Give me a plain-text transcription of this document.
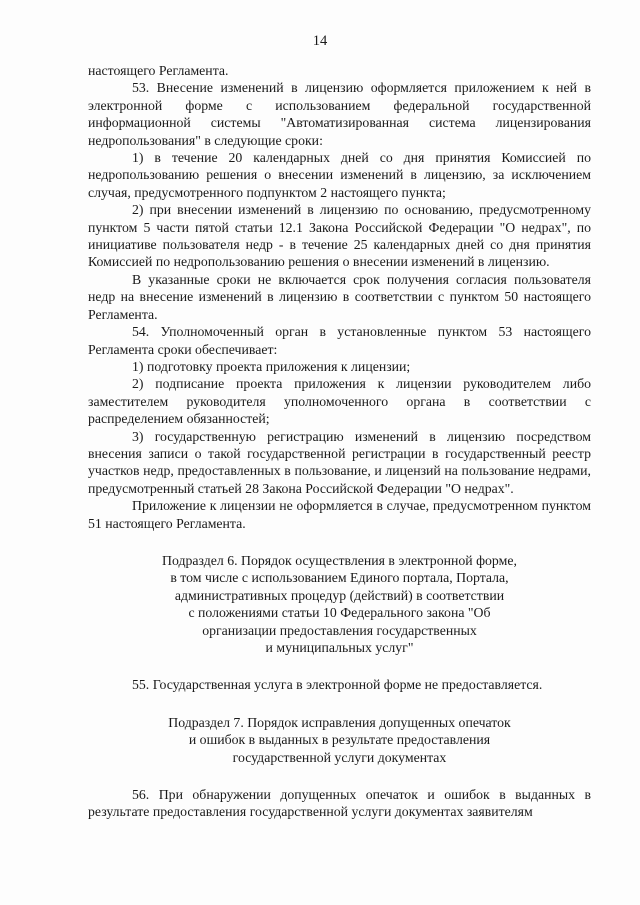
14

настоящего Регламента.

53. Внесение изменений в лицензию оформляется приложением к ней в электронной форме с использованием федеральной государственной информационной системы "Автоматизированная система лицензирования недропользования" в следующие сроки:

1) в течение 20 календарных дней со дня принятия Комиссией по недропользованию решения о внесении изменений в лицензию, за исключением случая, предусмотренного подпунктом 2 настоящего пункта;

2) при внесении изменений в лицензию по основанию, предусмотренному пунктом 5 части пятой статьи 12.1 Закона Российской Федерации "О недрах", по инициативе пользователя недр - в течение 25 календарных дней со дня принятия Комиссией по недропользованию решения о внесении изменений в лицензию.

В указанные сроки не включается срок получения согласия пользователя недр на внесение изменений в лицензию в соответствии с пунктом 50 настоящего Регламента.

54. Уполномоченный орган в установленные пунктом 53 настоящего Регламента сроки обеспечивает:

1) подготовку проекта приложения к лицензии;

2) подписание проекта приложения к лицензии руководителем либо заместителем руководителя уполномоченного органа в соответствии с распределением обязанностей;

3) государственную регистрацию изменений в лицензию посредством внесения записи о такой государственной регистрации в государственный реестр участков недр, предоставленных в пользование, и лицензий на пользование недрами, предусмотренный статьей 28 Закона Российской Федерации "О недрах".

Приложение к лицензии не оформляется в случае, предусмотренном пунктом 51 настоящего Регламента.

Подраздел 6. Порядок осуществления в электронной форме,
в том числе с использованием Единого портала, Портала,
административных процедур (действий) в соответствии
с положениями статьи 10 Федерального закона "Об
организации предоставления государственных
и муниципальных услуг"

55. Государственная услуга в электронной форме не предоставляется.

Подраздел 7. Порядок исправления допущенных опечаток
и ошибок в выданных в результате предоставления
государственной услуги документах

56. При обнаружении допущенных опечаток и ошибок в выданных в результате предоставления государственной услуги документах заявителям
